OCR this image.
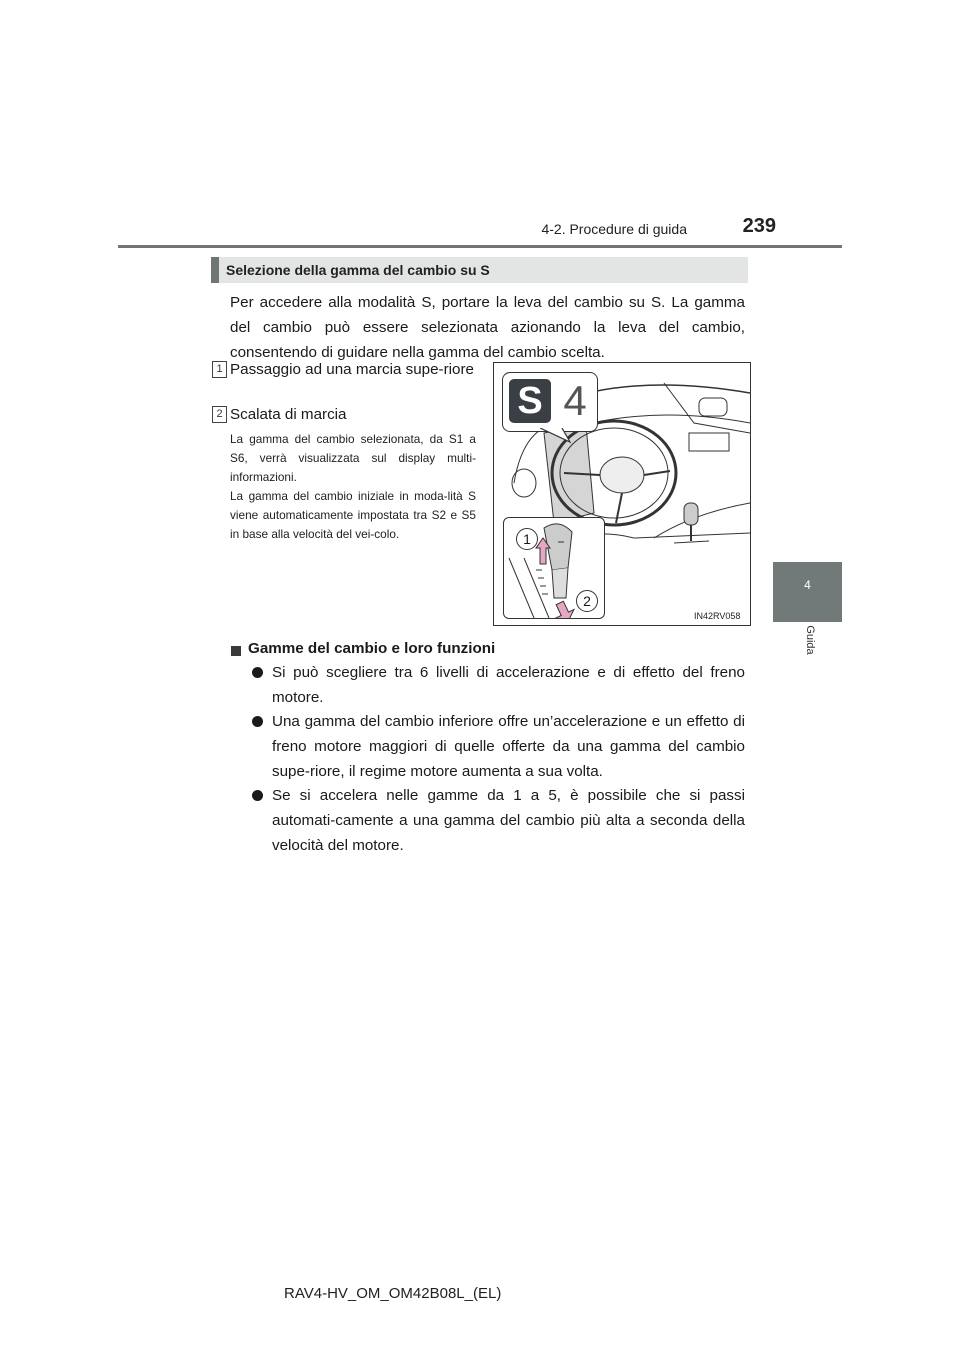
4-2. Procedure di guida	239
4
Guida
Selezione della gamma del cambio su S
Per accedere alla modalità S, portare la leva del cambio su S. La gamma del cambio può essere selezionata azionando la leva del cambio, consentendo di guidare nella gamma del cambio scelta.
1 Passaggio ad una marcia supe-riore
2 Scalata di marcia

La gamma del cambio selezionata, da S1 a S6, verrà visualizzata sul display multi-informazioni.

La gamma del cambio iniziale in moda-lità S viene automaticamente impostata tra S2 e S5 in base alla velocità del vei-colo.

S 4
1
2
IN42RV058
Gamme del cambio e loro funzioni
Si può scegliere tra 6 livelli di accelerazione e di effetto del freno motore.
Una gamma del cambio inferiore offre un’accelerazione e un effetto di freno motore maggiori di quelle offerte da una gamma del cambio supe-riore, il regime motore aumenta a sua volta.
Se si accelera nelle gamme da 1 a 5, è possibile che si passi automati-camente a una gamma del cambio più alta a seconda della velocità del motore.
RAV4-HV_OM_OM42B08L_(EL)
